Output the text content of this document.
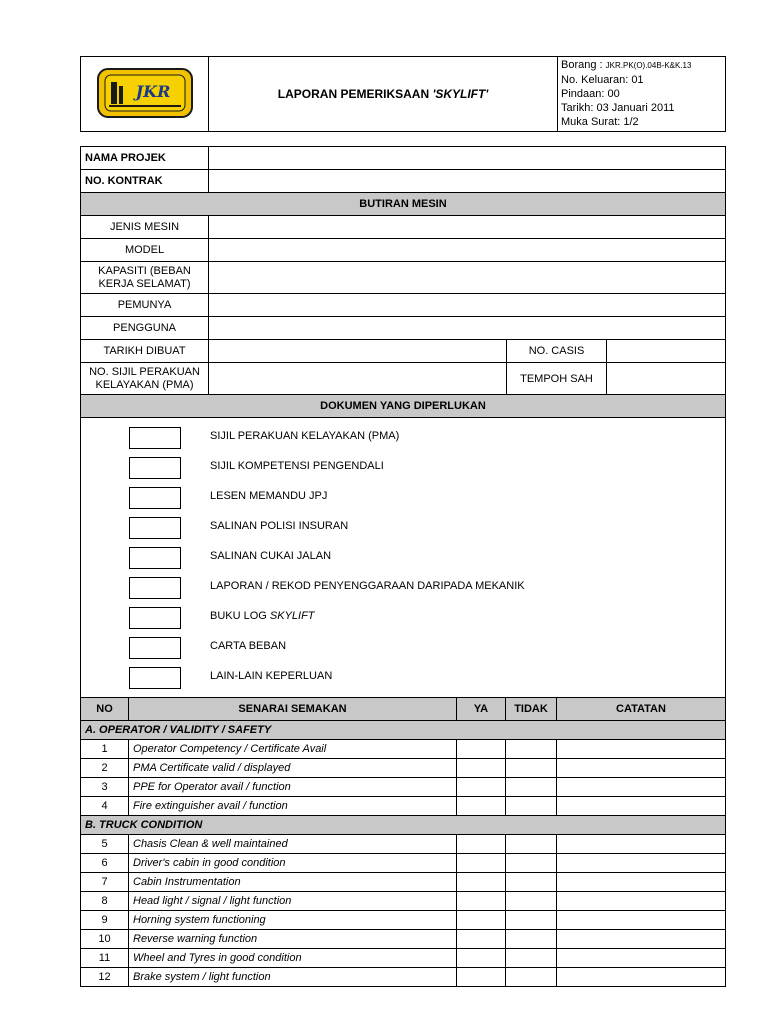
JKR	LAPORAN PEMERIKSAAN 'SKYLIFT'	
Borang : JKR.PK(O).04B-K&K.13
No. Keluaran: 01
Pindaan: 00
Tarikh: 03 Januari 2011
Muka Surat: 1/2
NAMA PROJEK			
NO. KONTRAK			
BUTIRAN MESIN			
JENIS MESIN			
MODEL			
KAPASITI (BEBAN KERJA SELAMAT)			
PEMUNYA			
PENGGUNA			
TARIKH DIBUAT		NO. CASIS	
NO. SIJIL PERAKUAN KELAYAKAN (PMA)		TEMPOH SAH	
DOKUMEN YANG DIPERLUKAN			
SIJIL PERAKUAN KELAYAKAN (PMA)
SIJIL KOMPETENSI PENGENDALI
LESEN MEMANDU JPJ
SALINAN POLISI INSURAN
SALINAN CUKAI JALAN
LAPORAN / REKOD PENYENGGARAAN DARIPADA MEKANIK
BUKU LOG SKYLIFT
CARTA BEBAN
LAIN-LAIN KEPERLUAN
NO	SENARAI SEMAKAN	YA	TIDAK	CATATAN
A. OPERATOR / VALIDITY / SAFETY				
1	Operator Competency / Certificate Avail			
2	PMA Certificate valid / displayed			
3	PPE for Operator avail / function			
4	Fire extinguisher avail / function			
B. TRUCK CONDITION				
5	Chasis Clean & well maintained			
6	Driver's cabin in good condition			
7	Cabin Instrumentation			
8	Head light / signal / light function			
9	Horning system functioning			
10	Reverse warning function			
11	Wheel and Tyres in good condition			
12	Brake system / light function			
